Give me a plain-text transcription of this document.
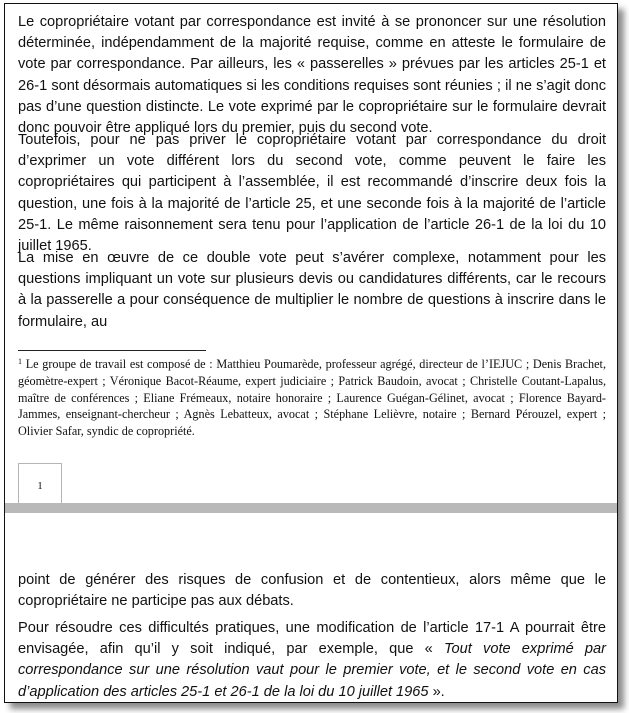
Le copropriétaire votant par correspondance est invité à se prononcer sur une résolution déterminée, indépendamment de la majorité requise, comme en atteste le formulaire de vote par correspondance. Par ailleurs, les « passerelles » prévues par les articles 25-1 et 26-1 sont désormais automatiques si les conditions requises sont réunies ; il ne s’agit donc pas d’une question distincte. Le vote exprimé par le copropriétaire sur le formulaire devrait donc pouvoir être appliqué lors du premier, puis du second vote.

Toutefois, pour ne pas priver le copropriétaire votant par correspondance du droit d’exprimer un vote différent lors du second vote, comme peuvent le faire les copropriétaires qui participent à l’assemblée, il est recommandé d’inscrire deux fois la question, une fois à la majorité de l’article 25, et une seconde fois à la majorité de l’article 25-1. Le même raisonnement sera tenu pour l’application de l’article 26-1 de la loi du 10 juillet 1965.

La mise en œuvre de ce double vote peut s’avérer complexe, notamment pour les questions impliquant un vote sur plusieurs devis ou candidatures différents, car le recours à la passerelle a pour conséquence de multiplier le nombre de questions à inscrire dans le formulaire, au

$^1$ Le groupe de travail est composé de : Matthieu Poumarède, professeur agrégé, directeur de l’IEJUC ; Denis Brachet, géomètre-expert ; Véronique Bacot-Réaume, expert judiciaire ; Patrick Baudoin, avocat ; Christelle Coutant-Lapalus, maître de conférences ; Eliane Frémeaux, notaire honoraire ; Laurence Guégan-Gélinet, avocat ; Florence Bayard-Jammes, enseignant-chercheur ; Agnès Lebatteux, avocat ; Stéphane Lelièvre, notaire ; Bernard Pérouzel, expert ; Olivier Safar, syndic de copropriété.

1

point de générer des risques de confusion et de contentieux, alors même que le copropriétaire ne participe pas aux débats.

Pour résoudre ces difficultés pratiques, une modification de l’article 17-1 A pourrait être envisagée, afin qu’il y soit indiqué, par exemple, que « Tout vote exprimé par correspondance sur une résolution vaut pour le premier vote, et le second vote en cas d’application des articles 25-1 et 26-1 de la loi du 10 juillet 1965 ».
